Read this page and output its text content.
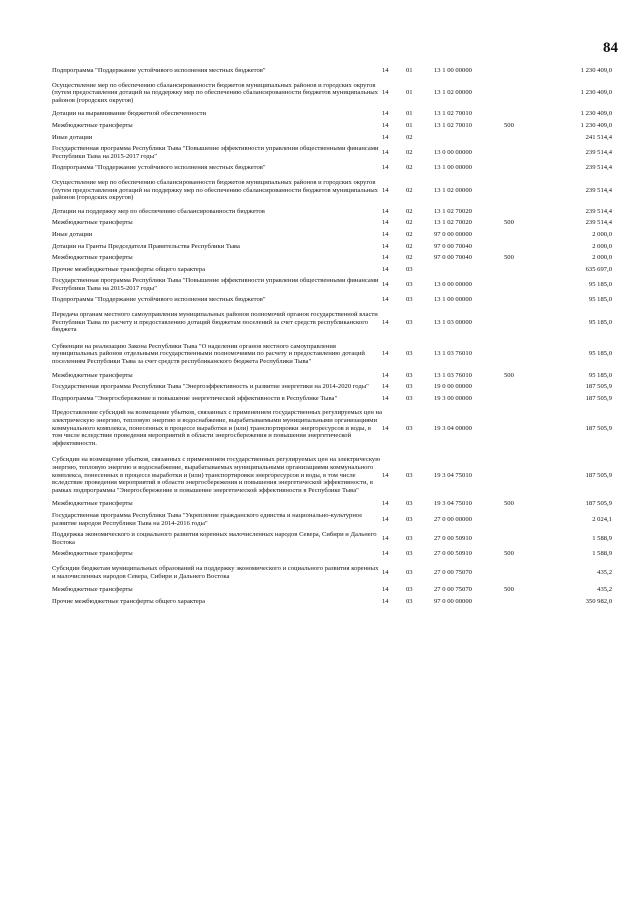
84
Подпрограмма "Поддержание устойчивого исполнения местных бюджетов"	14	01	13 1 00 00000		1 230 409,0
Осуществление мер по обеспечению сбалансированности бюджетов муниципальных районов и городских округов (путем предоставления дотаций на поддержку мер по обеспечению сбалансированности бюджетов муниципальных районов (городских округов)	14	01	13 1 02 00000		1 230 409,0
Дотации на выравнивание бюджетной обеспеченности	14	01	13 1 02 70010		1 230 409,0
Межбюджетные трансферты	14	01	13 1 02 70010	500	1 230 409,0
Иные дотации	14	02			241 514,4
Государственная программа Республики Тыва "Повышение эффективности управления общественными финансами Республики Тыва на 2015-2017 годы"	14	02	13 0 00 00000		239 514,4
Подпрограмма "Поддержание устойчивого исполнения местных бюджетов"	14	02	13 1 00 00000		239 514,4
Осуществление мер по обеспечению сбалансированности бюджетов муниципальных районов и городских округов (путем предоставления дотаций на поддержку мер по обеспечению сбалансированности бюджетов муниципальных районов (городских округов)	14	02	13 1 02 00000		239 514,4
Дотации на поддержку мер по обеспечению сбалансированности бюджетов	14	02	13 1 02 70020		239 514,4
Межбюджетные трансферты	14	02	13 1 02 70020	500	239 514,4
Иные дотации	14	02	97 0 00 00000		2 000,0
Дотации на Гранты Председателя Правительства Республики Тыва	14	02	97 0 00 70040		2 000,0
Межбюджетные трансферты	14	02	97 0 00 70040	500	2 000,0
Прочие межбюджетные трансферты общего характера	14	03			635 697,0
Государственная программа Республики Тыва "Повышение эффективности управления общественными финансами Республики Тыва на 2015-2017 годы"	14	03	13 0 00 00000		95 185,0
Подпрограмма "Поддержание устойчивого исполнения местных бюджетов"	14	03	13 1 00 00000		95 185,0
Передача органам местного самоуправления муниципальных районов полномочий органов государственной власти Республики Тыва по расчету и предоставлению дотаций бюджетам поселений за счет средств республиканского бюджета	14	03	13 1 03 00000		95 185,0
Субвенции на реализацию Закона Республики Тыва "О наделении органов местного самоуправления муниципальных районов отдельными государственными полномочиями по расчету и предоставлению дотаций поселениям Республики Тыва за счет средств республиканского бюджета Республики Тыва"	14	03	13 1 03 76010		95 185,0
Межбюджетные трансферты	14	03	13 1 03 76010	500	95 185,0
Государственная программа Республики Тыва "Энергоэффективность и развитие энергетики на 2014-2020 годы"	14	03	19 0 00 00000		187 505,9
Подпрограмма "Энергосбережение и повышение энергетической эффективности в Республике Тыва"	14	03	19 3 00 00000		187 505,9
Предоставление субсидий на возмещение убытков, связанных с применением государственных регулируемых цен на электрическую энергию, тепловую энергию и водоснабжение, вырабатываемыми муниципальными организациями коммунального комплекса, понесенных в процессе выработки и (или) транспортировки энергоресурсов и воды, в том числе вследствие проведения мероприятий в области энергосбережения и повышения энергетической эффективности.	14	03	19 3 04 00000		187 505,9
Субсидии на возмещение убытков, связанных с применением государственных регулируемых цен на электрическую энергию, тепловую энергию и водоснабжение, вырабатываемых муниципальными организациями коммунального комплекса, понесенных в процессе выработки и (или) транспортировки энергоресурсов и воды, в том числе вследствие проведения мероприятий в области энергосбережения и повышения энергетической эффективности, в рамках подпрограммы "Энергосбережение и повышение энергетической эффективности в Республике Тыва"	14	03	19 3 04 75010		187 505,9
Межбюджетные трансферты	14	03	19 3 04 75010	500	187 505,9
Государственная программа Республики Тыва "Укрепление гражданского единства и национально-культурное развитие народов Республики Тыва на 2014-2016 годы"	14	03	27 0 00 00000		2 024,1
Поддержка экономического и социального развития коренных малочисленных народов Севера, Сибири и Дальнего Востока	14	03	27 0 00 50910		1 588,9
Межбюджетные трансферты	14	03	27 0 00 50910	500	1 588,9
Субсидии бюджетам муниципальных образований на поддержку экономического и социального развития коренных и малочисленных народов Севера, Сибири и Дальнего Востока	14	03	27 0 00 75070		435,2
Межбюджетные трансферты	14	03	27 0 00 75070	500	435,2
Прочие межбюджетные трансферты общего характера	14	03	97 0 00 00000		350 982,0
